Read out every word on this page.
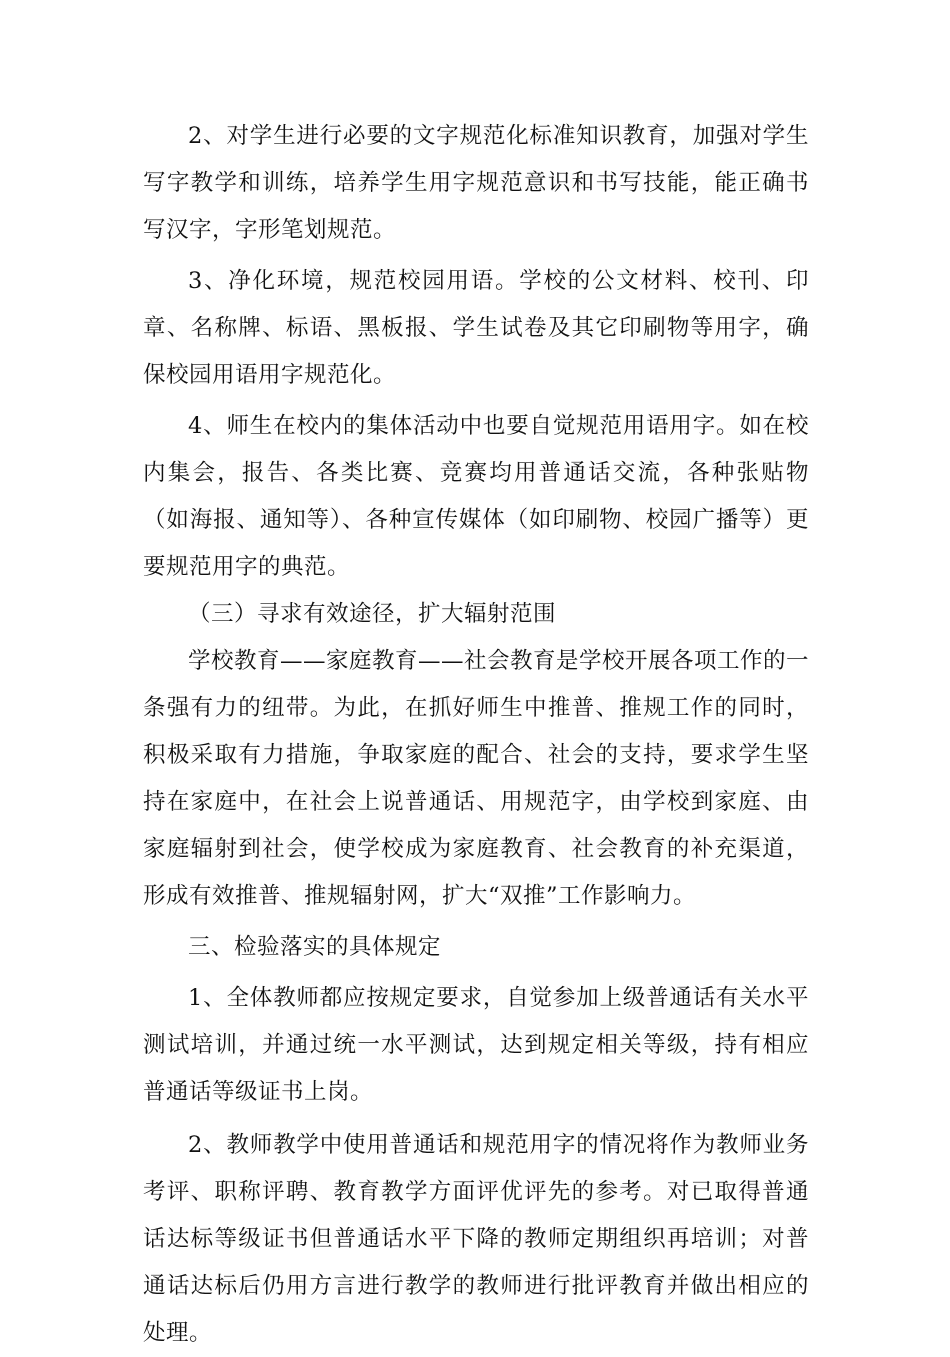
2、对学生进行必要的文字规范化标准知识教育，加强对学生写字教学和训练，培养学生用字规范意识和书写技能，能正确书写汉字，字形笔划规范。

3、净化环境，规范校园用语。学校的公文材料、校刊、印章、名称牌、标语、黑板报、学生试卷及其它印刷物等用字，确保校园用语用字规范化。

4、师生在校内的集体活动中也要自觉规范用语用字。如在校内集会，报告、各类比赛、竞赛均用普通话交流，各种张贴物（如海报、通知等）、各种宣传媒体（如印刷物、校园广播等）更要规范用字的典范。

（三）寻求有效途径，扩大辐射范围

学校教育——家庭教育——社会教育是学校开展各项工作的一条强有力的纽带。为此，在抓好师生中推普、推规工作的同时，积极采取有力措施，争取家庭的配合、社会的支持，要求学生坚持在家庭中，在社会上说普通话、用规范字，由学校到家庭、由家庭辐射到社会，使学校成为家庭教育、社会教育的补充渠道，形成有效推普、推规辐射网，扩大“双推”工作影响力。

三、检验落实的具体规定

1、全体教师都应按规定要求，自觉参加上级普通话有关水平测试培训，并通过统一水平测试，达到规定相关等级，持有相应普通话等级证书上岗。

2、教师教学中使用普通话和规范用字的情况将作为教师业务考评、职称评聘、教育教学方面评优评先的参考。对已取得普通话达标等级证书但普通话水平下降的教师定期组织再培训；对普通话达标后仍用方言进行教学的教师进行批评教育并做出相应的处理。
